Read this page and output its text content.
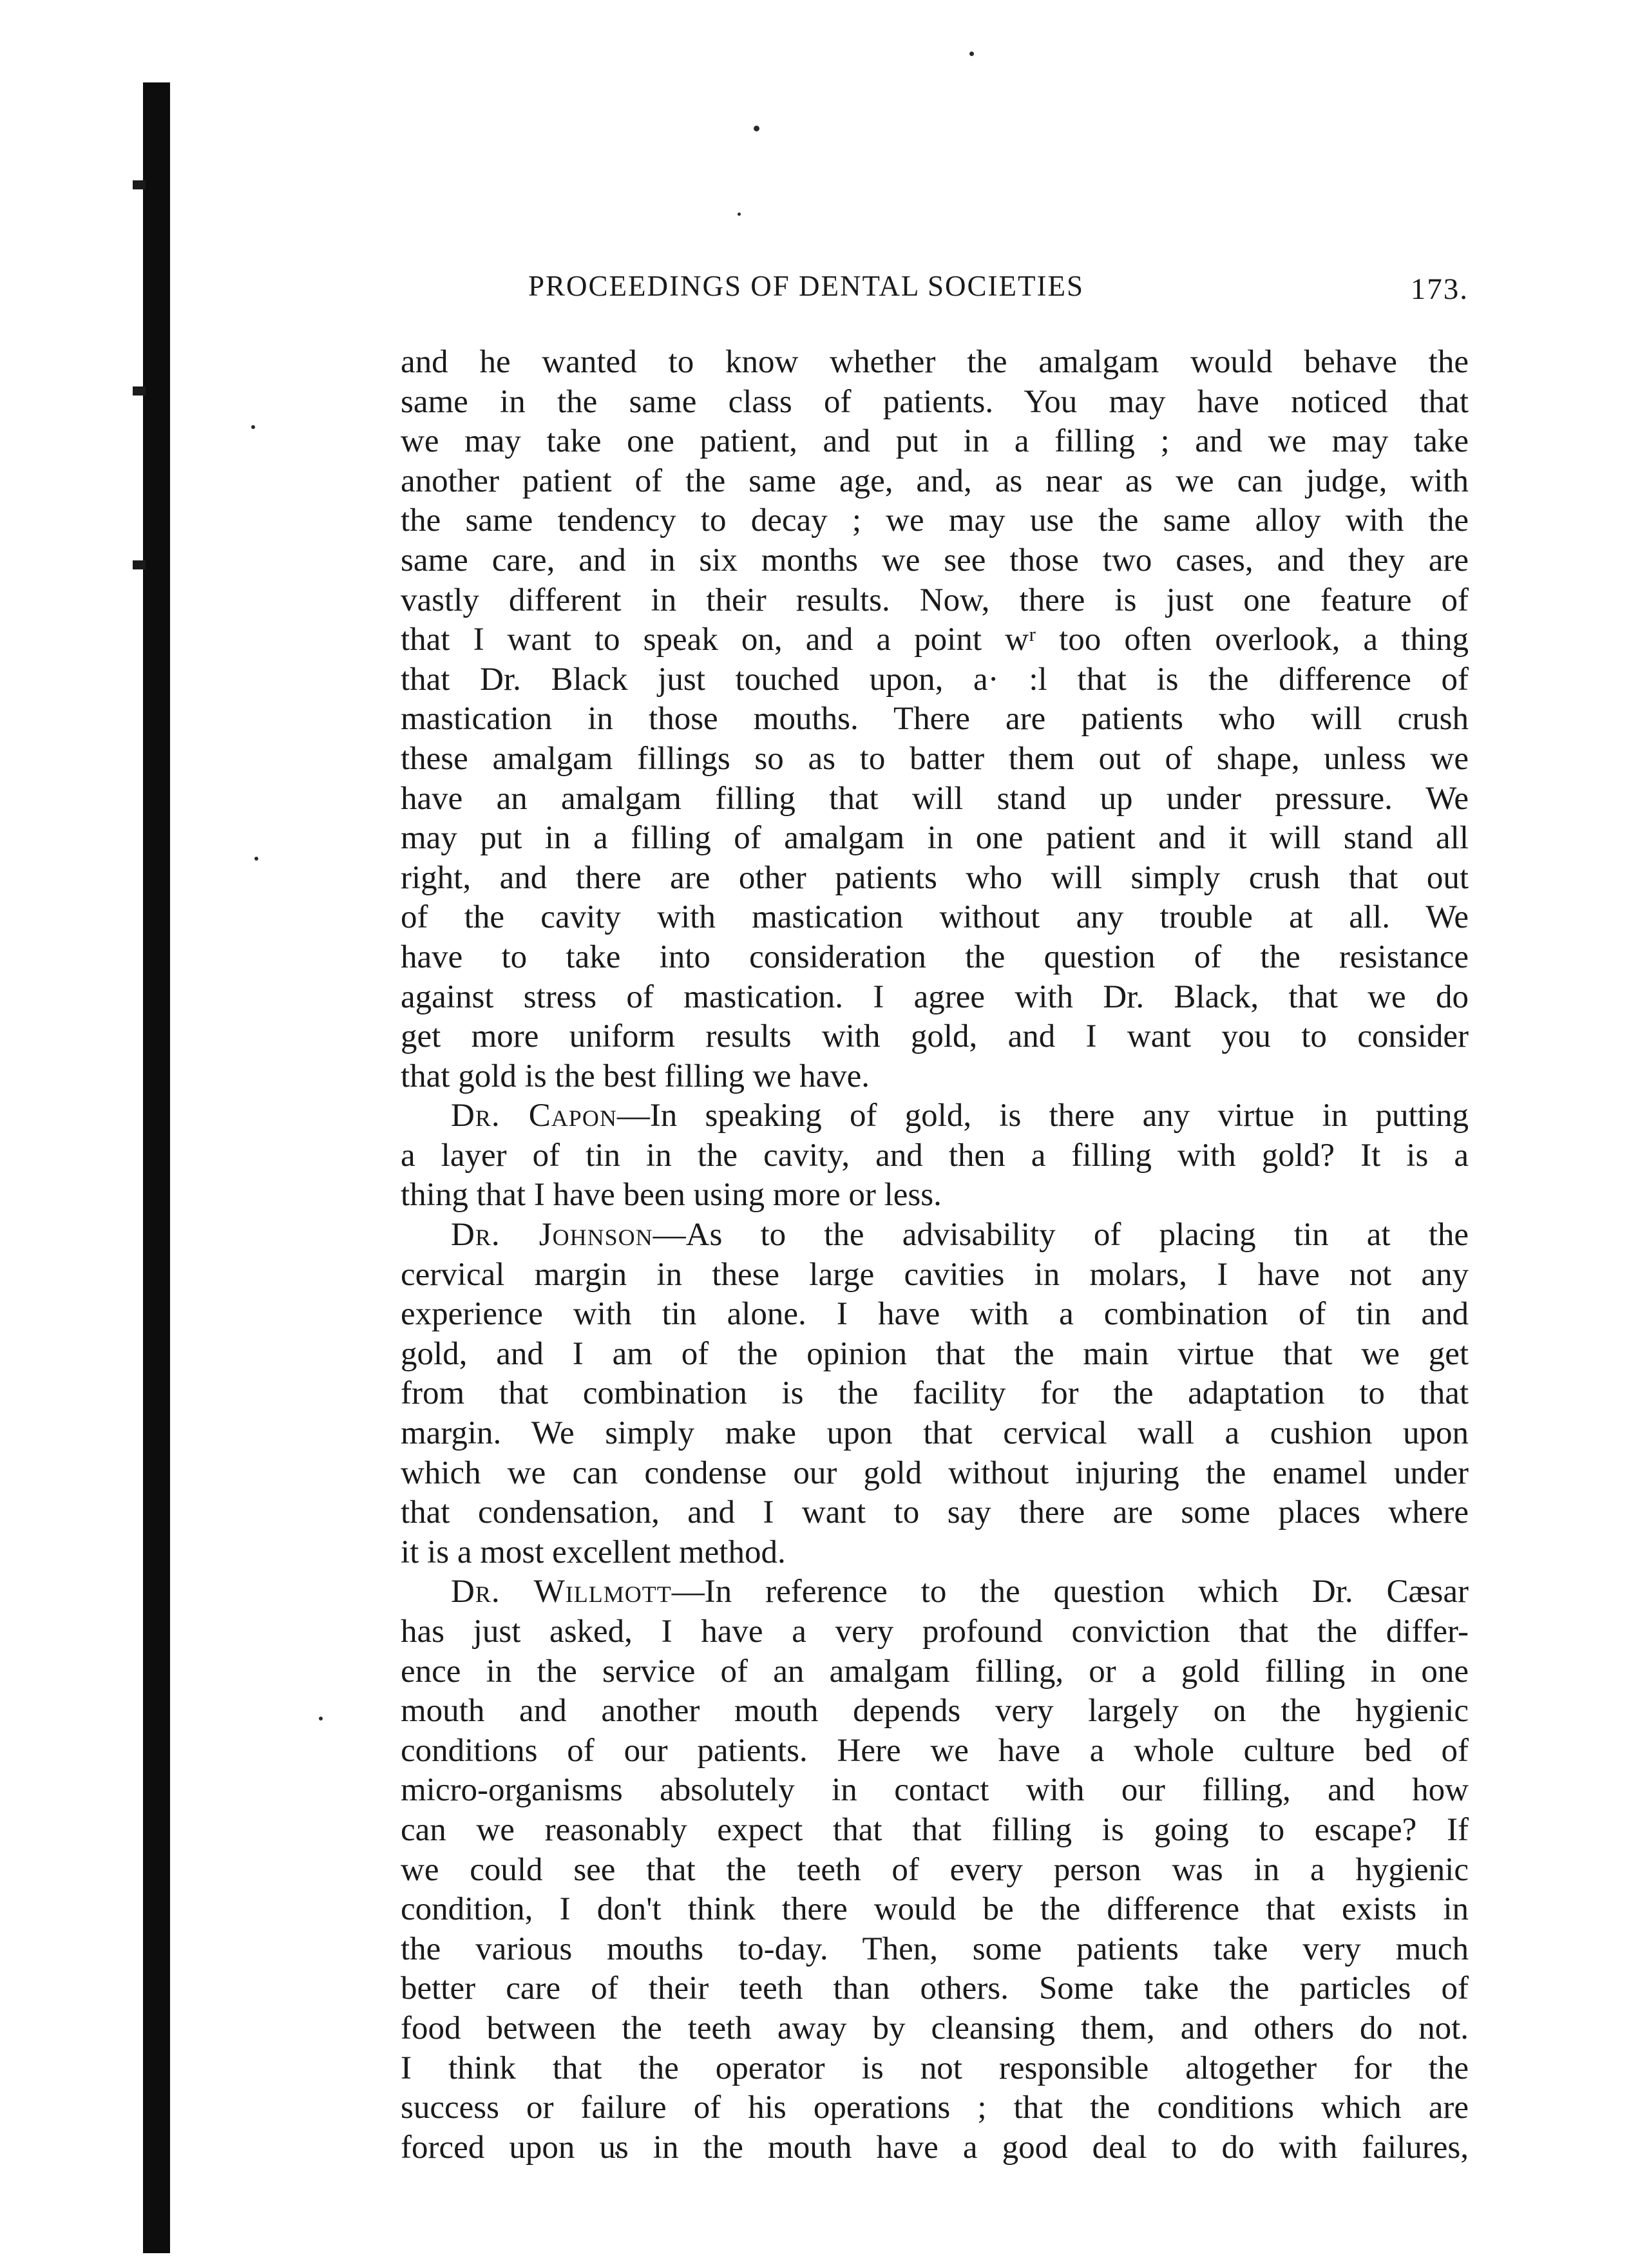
PROCEEDINGS OF DENTAL SOCIETIES	173.
and he wanted to know whether the amalgam would behave the
same in the same class of patients. You may have noticed that
we may take one patient, and put in a filling ; and we may take
another patient of the same age, and, as near as we can judge, with
the same tendency to decay ; we may use the same alloy with the
same care, and in six months we see those two cases, and they are
vastly different in their results. Now, there is just one feature of
that I want to speak on, and a point wʳ too often overlook, a thing
that Dr. Black just touched upon, a· :l that is the difference of
mastication in those mouths. There are patients who will crush
these amalgam fillings so as to batter them out of shape, unless we
have an amalgam filling that will stand up under pressure. We
may put in a filling of amalgam in one patient and it will stand all
right, and there are other patients who will simply crush that out
of the cavity with mastication without any trouble at all. We
have to take into consideration the question of the resistance
against stress of mastication. I agree with Dr. Black, that we do
get more uniform results with gold, and I want you to consider
that gold is the best filling we have.
Dr. Capon—In speaking of gold, is there any virtue in putting
a layer of tin in the cavity, and then a filling with gold? It is a
thing that I have been using more or less.
Dr. Johnson—As to the advisability of placing tin at the
cervical margin in these large cavities in molars, I have not any
experience with tin alone. I have with a combination of tin and
gold, and I am of the opinion that the main virtue that we get
from that combination is the facility for the adaptation to that
margin. We simply make upon that cervical wall a cushion upon
which we can condense our gold without injuring the enamel under
that condensation, and I want to say there are some places where
it is a most excellent method.
Dr. Willmott—In reference to the question which Dr. Cæsar
has just asked, I have a very profound conviction that the differ-
ence in the service of an amalgam filling, or a gold filling in one
mouth and another mouth depends very largely on the hygienic
conditions of our patients. Here we have a whole culture bed of
micro-organisms absolutely in contact with our filling, and how
can we reasonably expect that that filling is going to escape? If
we could see that the teeth of every person was in a hygienic
condition, I don't think there would be the difference that exists in
the various mouths to-day. Then, some patients take very much
better care of their teeth than others. Some take the particles of
food between the teeth away by cleansing them, and others do not.
I think that the operator is not responsible altogether for the
success or failure of his operations ; that the conditions which are
forced upon us in the mouth have a good deal to do with failures,
